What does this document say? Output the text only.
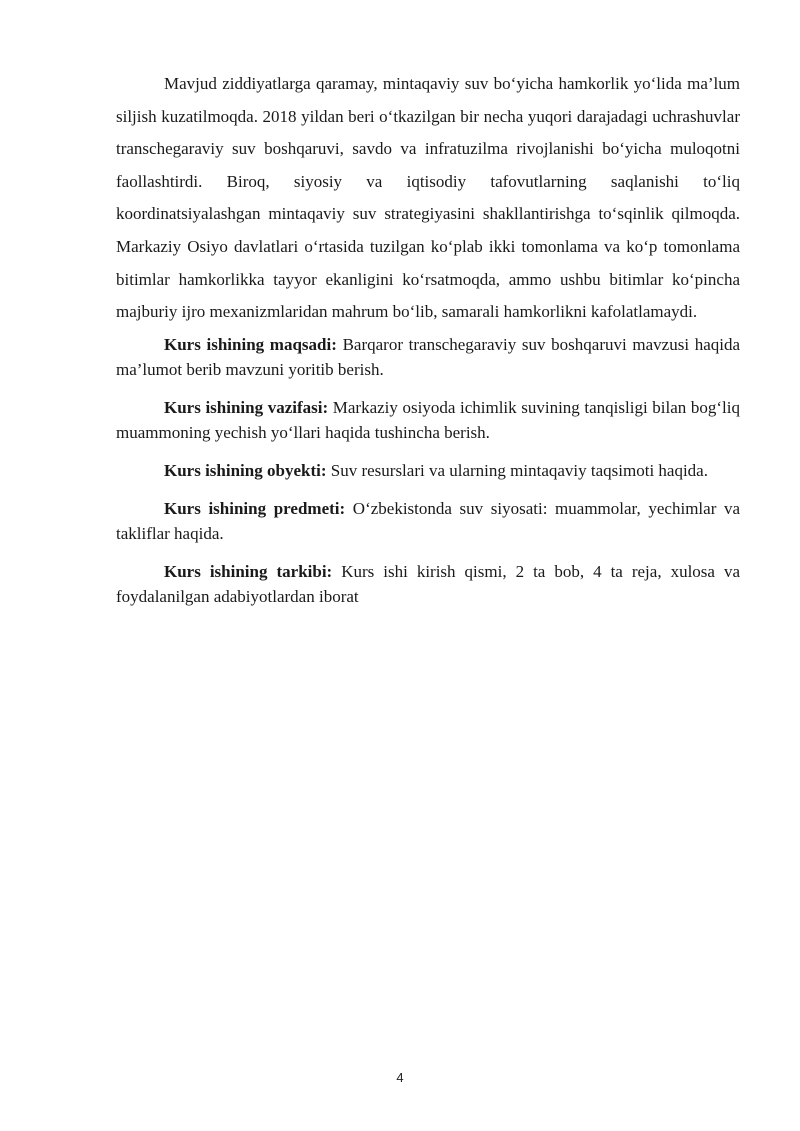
Mavjud ziddiyatlarga qaramay, mintaqaviy suv bo‘yicha hamkorlik yo‘lida ma’lum siljish kuzatilmoqda. 2018 yildan beri o‘tkazilgan bir necha yuqori darajadagi uchrashuvlar transchegaraviy suv boshqaruvi, savdo va infratuzilma rivojlanishi bo‘yicha muloqotni faollashtirdi. Biroq, siyosiy va iqtisodiy tafovutlarning saqlanishi to‘liq koordinatsiyalashgan mintaqaviy suv strategiyasini shakllantirishga to‘sqinlik qilmoqda. Markaziy Osiyo davlatlari o‘rtasida tuzilgan ko‘plab ikki tomonlama va ko‘p tomonlama bitimlar hamkorlikka tayyor ekanligini ko‘rsatmoqda, ammo ushbu bitimlar ko‘pincha majburiy ijro mexanizmlaridan mahrum bo‘lib, samarali hamkorlikni kafolatlamaydi.

Kurs ishining maqsadi: Barqaror transchegaraviy suv boshqaruvi mavzusi haqida ma’lumot berib mavzuni yoritib berish.

Kurs ishining vazifasi: Markaziy osiyoda ichimlik suvining tanqisligi bilan bog‘liq muammoning yechish yo‘llari haqida tushincha berish.

Kurs ishining obyekti: Suv resurslari va ularning mintaqaviy taqsimoti haqida.

Kurs ishining predmeti: O‘zbekistonda suv siyosati: muammolar, yechimlar va takliflar haqida.

Kurs ishining tarkibi: Kurs ishi kirish qismi, 2 ta bob, 4 ta reja, xulosa va foydalanilgan adabiyotlardan iborat

4
